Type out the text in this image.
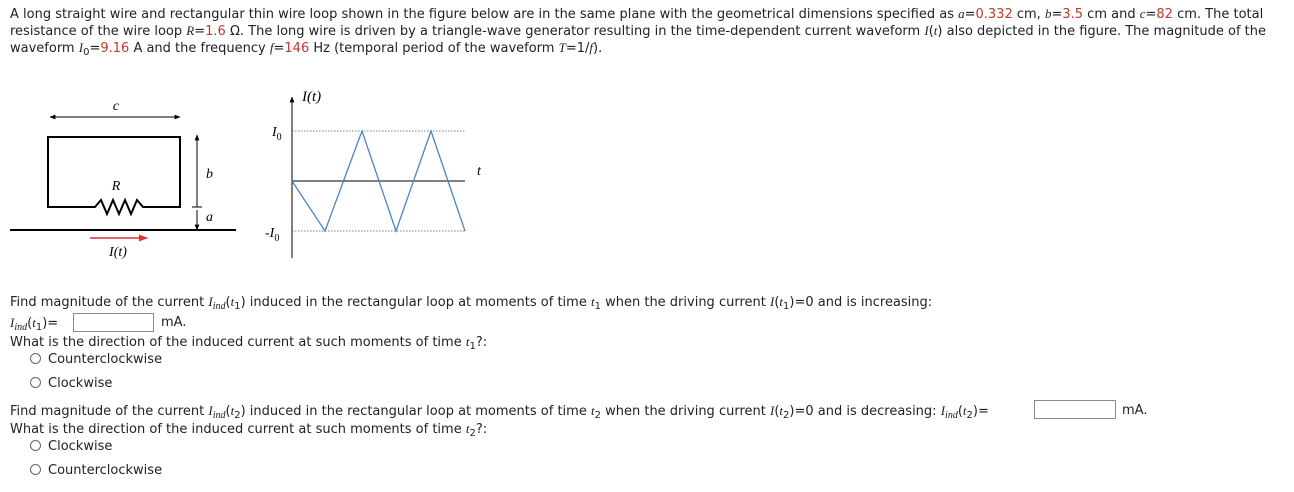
A long straight wire and rectangular thin wire loop shown in the figure below are in the same plane with the geometrical dimensions specified as a=0.332 cm, b=3.5 cm and c=82 cm. The total
resistance of the wire loop R=1.6 Ω. The long wire is driven by a triangle-wave generator resulting in the time-dependent current waveform I(t) also depicted in the figure. The magnitude of the
waveform $I_0=9.16$ A and the frequency f=146 Hz (temporal period of the waveform T=1/f).
c
R
b
a
I(t)
I(t)
t
$I_0$
$-I_0$
Find magnitude of the current $I_{ind}(t_1)$ induced in the rectangular loop at moments of time $t_1$ when the driving current $I(t_1)=0$ and is increasing:
$I_{ind}(t_1)=$	mA.
What is the direction of the induced current at such moments of time $t_1$?:
Counterclockwise
Clockwise
Find magnitude of the current $I_{ind}(t_2)$ induced in the rectangular loop at moments of time $t_2$ when the driving current $I(t_2)=0$ and is decreasing: $I_{ind}(t_2)=$	mA.
What is the direction of the induced current at such moments of time $t_2$?:
Clockwise
Counterclockwise
